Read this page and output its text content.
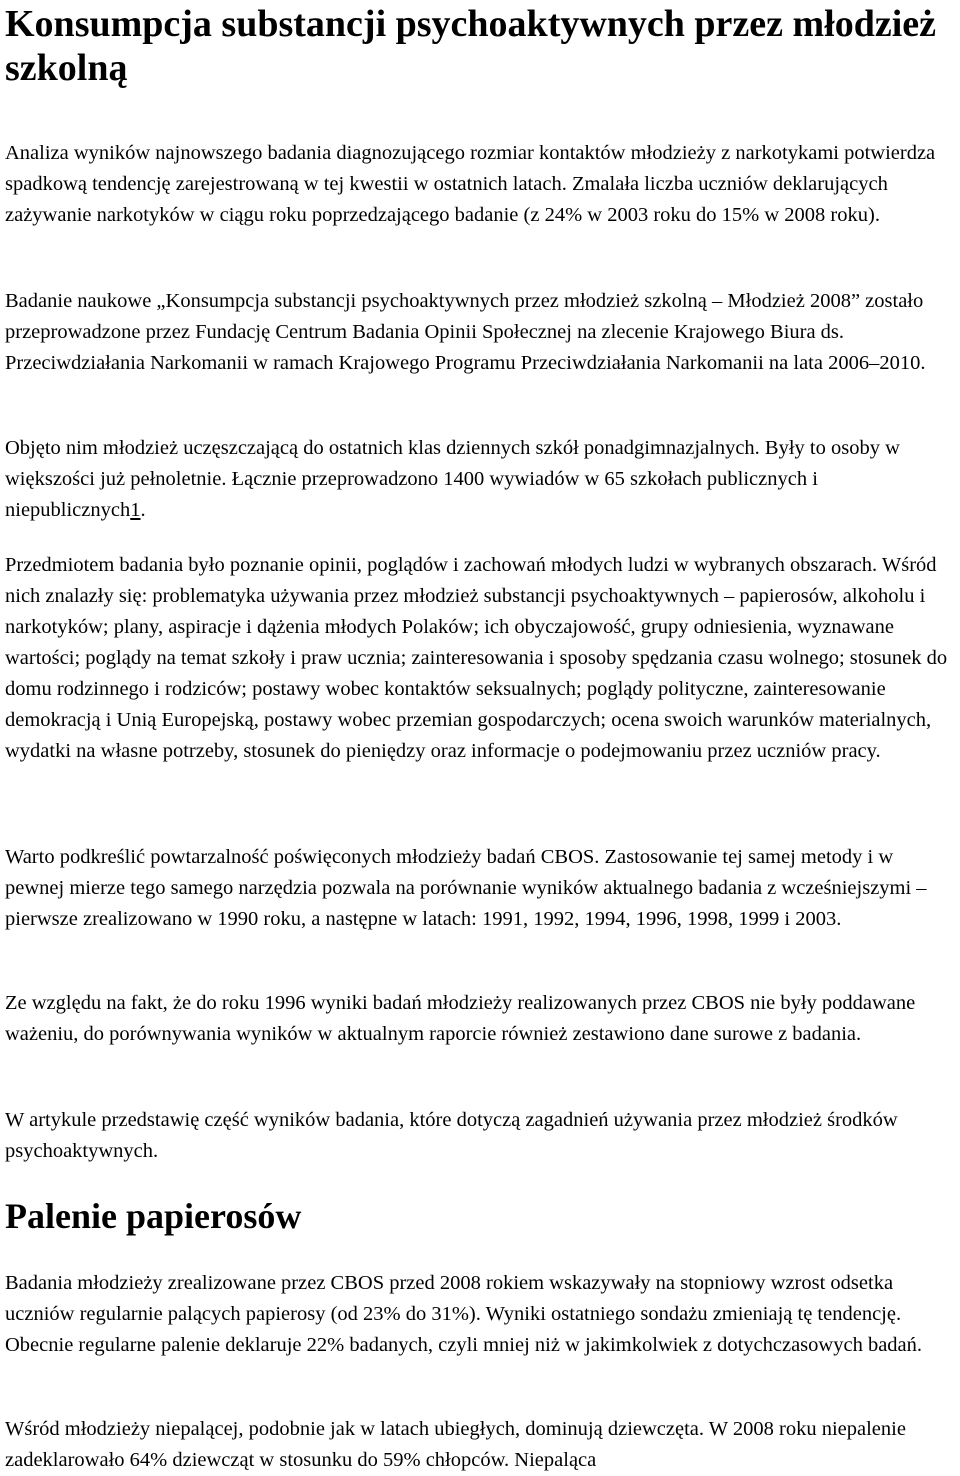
Konsumpcja substancji psychoaktywnych przez młodzież szkolną

Analiza wyników najnowszego badania diagnozującego rozmiar kontaktów młodzieży z narkotykami potwierdza spadkową tendencję zarejestrowaną w tej kwestii w ostatnich latach. Zmalała liczba uczniów deklarujących zażywanie narkotyków w ciągu roku poprzedzającego badanie (z 24% w 2003 roku do 15% w 2008 roku).

Badanie naukowe „Konsumpcja substancji psychoaktywnych przez młodzież szkolną – Młodzież 2008” zostało przeprowadzone przez Fundację Centrum Badania Opinii Społecznej na zlecenie Krajowego Biura ds. Przeciwdziałania Narkomanii w ramach Krajowego Programu Przeciwdziałania Narkomanii na lata 2006–2010.

Objęto nim młodzież uczęszczającą do ostatnich klas dziennych szkół ponadgimnazjalnych. Były to osoby w większości już pełnoletnie. Łącznie przeprowadzono 1400 wywiadów w 65 szkołach publicznych i niepublicznych1.

Przedmiotem badania było poznanie opinii, poglądów i zachowań młodych ludzi w wybranych obszarach. Wśród nich znalazły się: problematyka używania przez młodzież substancji psychoaktywnych – papierosów, alkoholu i narkotyków; plany, aspiracje i dążenia młodych Polaków; ich obyczajowość, grupy odniesienia, wyznawane wartości; poglądy na temat szkoły i praw ucznia; zainteresowania i sposoby spędzania czasu wolnego; stosunek do domu rodzinnego i rodziców; postawy wobec kontaktów seksualnych; poglądy polityczne, zainteresowanie demokracją i Unią Europejską, postawy wobec przemian gospodarczych; ocena swoich warunków materialnych, wydatki na własne potrzeby, stosunek do pieniędzy oraz informacje o podejmowaniu przez uczniów pracy.

Warto podkreślić powtarzalność poświęconych młodzieży badań CBOS. Zastosowanie tej samej metody i w pewnej mierze tego samego narzędzia pozwala na porównanie wyników aktualnego badania z wcześniejszymi – pierwsze zrealizowano w 1990 roku, a następne w latach: 1991, 1992, 1994, 1996, 1998, 1999 i 2003.

Ze względu na fakt, że do roku 1996 wyniki badań młodzieży realizowanych przez CBOS nie były poddawane ważeniu, do porównywania wyników w aktualnym raporcie również zestawiono dane surowe z badania.

W artykule przedstawię część wyników badania, które dotyczą zagadnień używania przez młodzież środków psychoaktywnych.

Palenie papierosów

Badania młodzieży zrealizowane przez CBOS przed 2008 rokiem wskazywały na stopniowy wzrost odsetka uczniów regularnie palących papierosy (od 23% do 31%). Wyniki ostatniego sondażu zmieniają tę tendencję. Obecnie regularne palenie deklaruje 22% badanych, czyli mniej niż w jakimkolwiek z dotychczasowych badań.

Wśród młodzieży niepalącej, podobnie jak w latach ubiegłych, dominują dziewczęta. W 2008 roku niepalenie zadeklarowało 64% dziewcząt w stosunku do 59% chłopców. Niepaląca
